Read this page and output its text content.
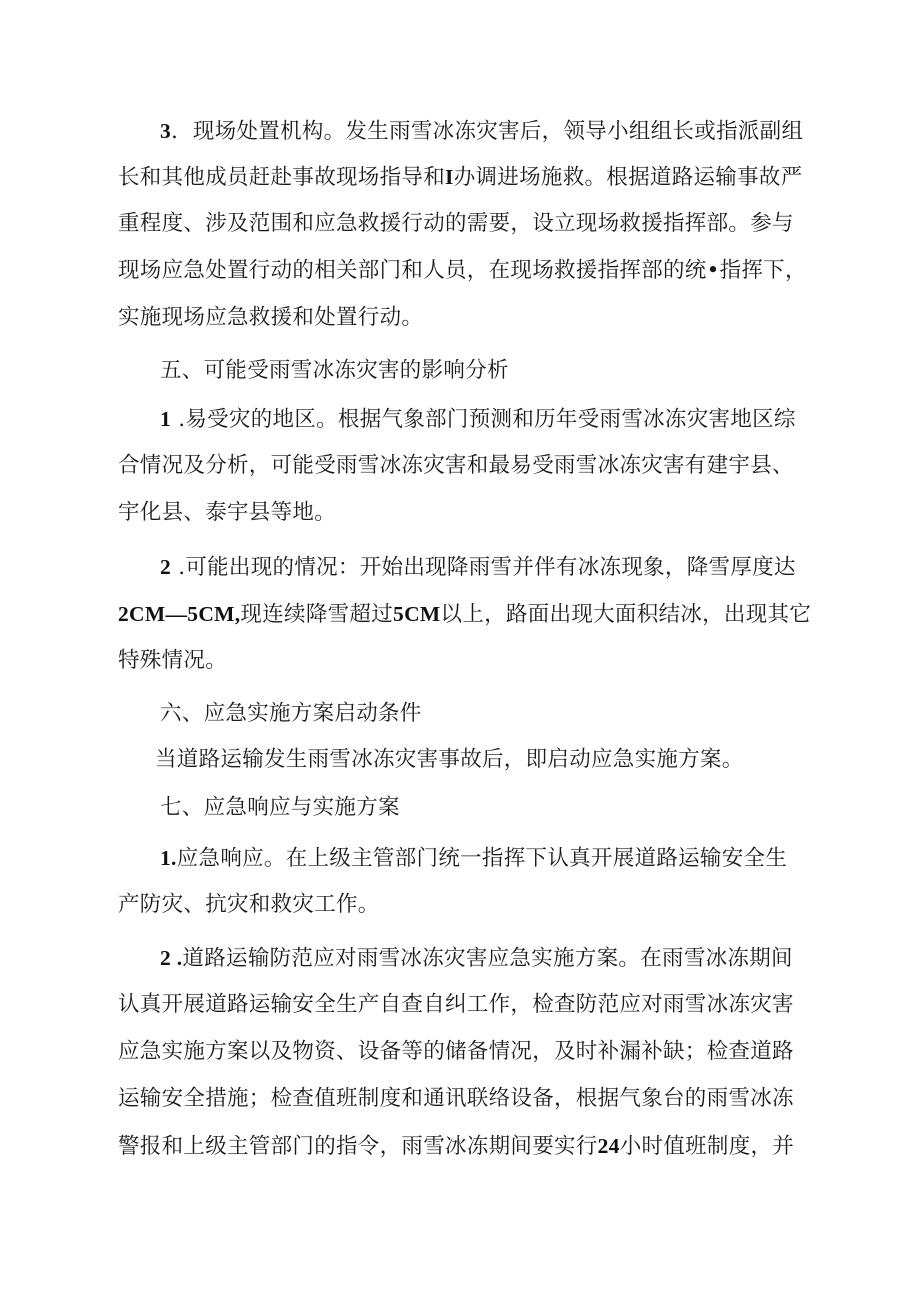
3．现场处置机构。发生雨雪冰冻灾害后，领导小组组长或指派副组
长和其他成员赶赴事故现场指导和I办调进场施救。根据道路运输事故严
重程度、涉及范围和应急救援行动的需要，设立现场救援指挥部。参与
现场应急处置行动的相关部门和人员，在现场救援指挥部的统•指挥下，
实施现场应急救援和处置行动。
五、可能受雨雪冰冻灾害的影响分析
1 .易受灾的地区。根据气象部门预测和历年受雨雪冰冻灾害地区综
合情况及分析，可能受雨雪冰冻灾害和最易受雨雪冰冻灾害有建宇县、
宇化县、泰宇县等地。
2 .可能出现的情况：开始出现降雨雪并伴有冰冻现象，降雪厚度达
2CM—5CM,现连续降雪超过5CM以上，路面出现大面积结冰，出现其它
特殊情况。
六、应急实施方案启动条件
当道路运输发生雨雪冰冻灾害事故后，即启动应急实施方案。
七、应急响应与实施方案
1.应急响应。在上级主管部门统一指挥下认真开展道路运输安全生
产防灾、抗灾和救灾工作。
2 .道路运输防范应对雨雪冰冻灾害应急实施方案。在雨雪冰冻期间
认真开展道路运输安全生产自查自纠工作，检查防范应对雨雪冰冻灾害
应急实施方案以及物资、设备等的储备情况，及时补漏补缺；检查道路
运输安全措施；检查值班制度和通讯联络设备，根据气象台的雨雪冰冻
警报和上级主管部门的指令，雨雪冰冻期间要实行24小时值班制度，并
